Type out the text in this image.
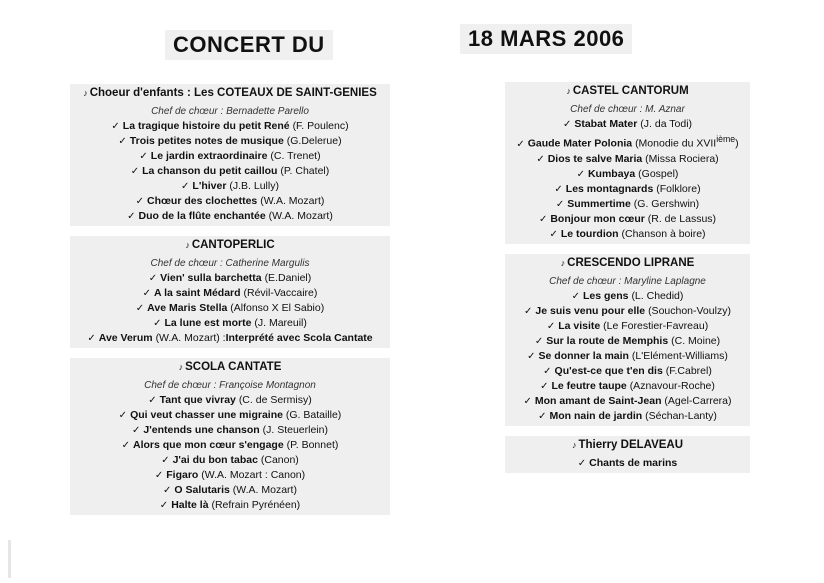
CONCERT DU	18 MARS 2006
♪ Choeur d'enfants : Les COTEAUX DE SAINT-GENIES
Chef de chœur : Bernadette Parello
✓ La tragique histoire du petit René (F. Poulenc)
✓ Trois petites notes de musique (G.Delerue)
✓ Le jardin extraordinaire (C. Trenet)
✓ La chanson du petit caillou (P. Chatel)
✓ L'hiver (J.B. Lully)
✓ Chœur des clochettes (W.A. Mozart)
✓ Duo de la flûte enchantée (W.A. Mozart)
♪ CANTOPERLIC
Chef de chœur : Catherine Margulis
✓ Vien' sulla barchetta (E.Daniel)
✓ A la saint Médard (Révil-Vaccaire)
✓ Ave Maris Stella (Alfonso X El Sabio)
✓ La lune est morte (J. Mareuil)
✓ Ave Verum (W.A. Mozart) :Interprété avec Scola Cantate
♪ SCOLA CANTATE
Chef de chœur : Françoise Montagnon
✓ Tant que vivray (C. de Sermisy)
✓ Qui veut chasser une migraine (G. Bataille)
✓ J'entends une chanson (J. Steuerlein)
✓ Alors que mon cœur s'engage (P. Bonnet)
✓ J'ai du bon tabac (Canon)
✓ Figaro (W.A. Mozart : Canon)
✓ O Salutaris (W.A. Mozart)
✓ Halte là (Refrain Pyrénéen)
♪ CASTEL CANTORUM
Chef de chœur : M. Aznar
✓ Stabat Mater (J. da Todi)
✓ Gaude Mater Polonia (Monodie du XVIIième)
✓ Dios te salve Maria (Missa Rociera)
✓ Kumbaya (Gospel)
✓ Les montagnards (Folklore)
✓ Summertime (G. Gershwin)
✓ Bonjour mon cœur (R. de Lassus)
✓ Le tourdion (Chanson à boire)
♪ CRESCENDO LIPRANE
Chef de chœur : Maryline Laplagne
✓ Les gens (L. Chedid)
✓ Je suis venu pour elle (Souchon-Voulzy)
✓ La visite (Le Forestier-Favreau)
✓ Sur la route de Memphis (C. Moine)
✓ Se donner la main (L'Elément-Williams)
✓ Qu'est-ce que t'en dis (F.Cabrel)
✓ Le feutre taupe (Aznavour-Roche)
✓ Mon amant de Saint-Jean (Agel-Carrera)
✓ Mon nain de jardin (Séchan-Lanty)
♪ Thierry DELAVEAU
✓ Chants de marins
